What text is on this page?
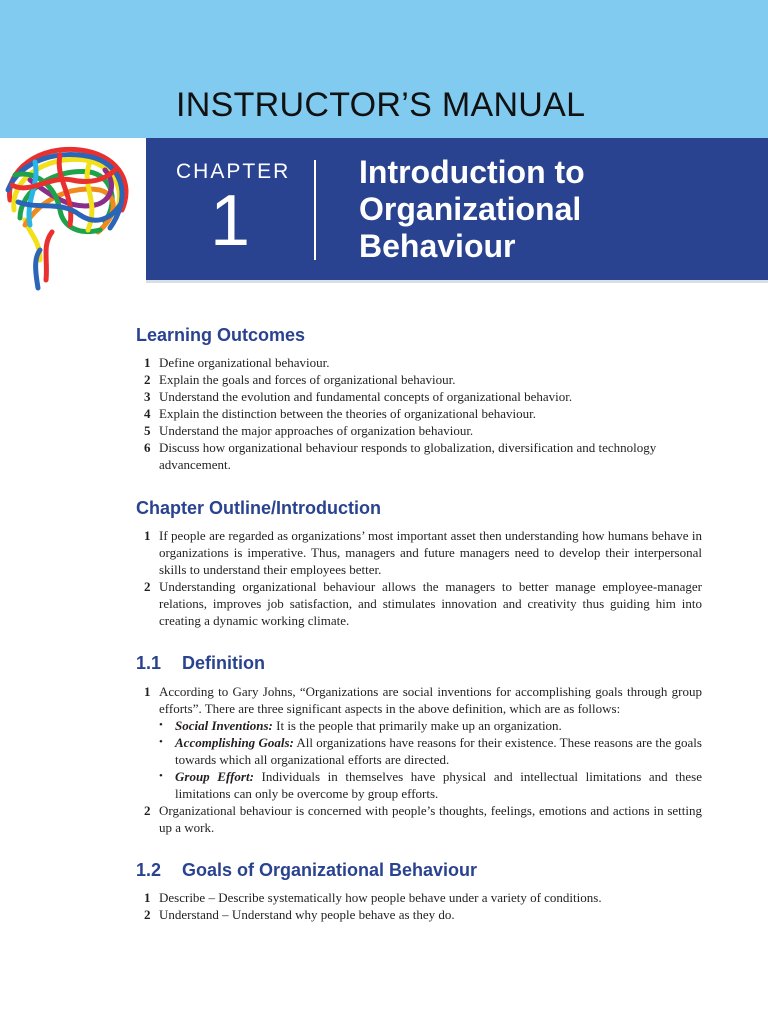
INSTRUCTOR’S MANUAL
CHAPTER
1
Introduction to
Organizational
Behaviour
Learning Outcomes
1 Define organizational behaviour.
2 Explain the goals and forces of organizational behaviour.
3 Understand the evolution and fundamental concepts of organizational behavior.
4 Explain the distinction between the theories of organizational behaviour.
5 Understand the major approaches of organization behaviour.
6 Discuss how organizational behaviour responds to globalization, diversification and technology advancement.
Chapter Outline/Introduction
1 If people are regarded as organizations’ most important asset then understanding how humans behave in organizations is imperative. Thus, managers and future managers need to develop their interpersonal skills to understand their employees better.
2 Understanding organizational behaviour allows the managers to better manage employee-manager relations, improves job satisfaction, and stimulates innovation and creativity thus guiding him into creating a dynamic working climate.
1.1 Definition
1 According to Gary Johns, “Organizations are social inventions for accomplishing goals through group efforts”. There are three significant aspects in the above definition, which are as follows:
• Social Inventions: It is the people that primarily make up an organization.
• Accomplishing Goals: All organizations have reasons for their existence. These reasons are the goals towards which all organizational efforts are directed.
• Group Effort: Individuals in themselves have physical and intellectual limitations and these limitations can only be overcome by group efforts.
2 Organizational behaviour is concerned with people’s thoughts, feelings, emotions and actions in setting up a work.
1.2 Goals of Organizational Behaviour
1 Describe – Describe systematically how people behave under a variety of conditions.
2 Understand – Understand why people behave as they do.
